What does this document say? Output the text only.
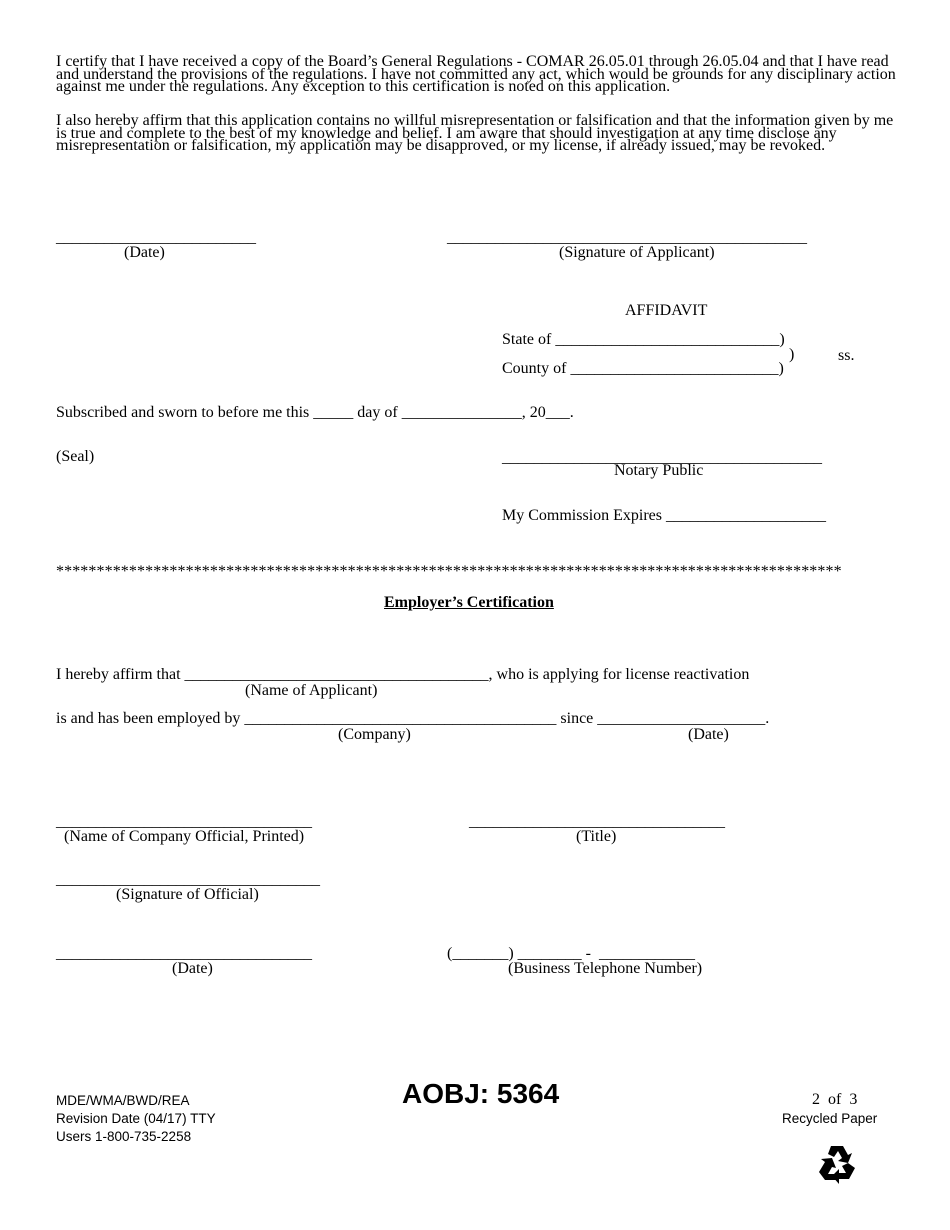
I certify that I have received a copy of the Board’s General Regulations - COMAR 26.05.01 through 26.05.04 and that I have read and understand the provisions of the regulations. I have not committed any act, which would be grounds for any disciplinary action against me under the regulations. Any exception to this certification is noted on this application.
I also hereby affirm that this application contains no willful misrepresentation or falsification and that the information given by me is true and complete to the best of my knowledge and belief. I am aware that should investigation at any time disclose any misrepresentation or falsification, my application may be disapproved, or my license, if already issued, may be revoked.
_________________________
(Date)
_____________________________________________
(Signature of Applicant)
AFFIDAVIT
State of ____________________________)
)	ss.
County of __________________________)
Subscribed and sworn to before me this _____ day of _______________, 20___.
(Seal)	________________________________________
Notary Public
My Commission Expires ____________________
*************************************************************************************************
Employer’s Certification
I hereby affirm that ______________________________________, who is applying for license reactivation
(Name of Applicant)
is and has been employed by _______________________________________ since _____________________.
(Company)	(Date)
________________________________
(Name of Company Official, Printed)
________________________________
(Title)
_________________________________
(Signature of Official)
________________________________
(Date)
(_______) ________ -  ____________
(Business Telephone Number)
MDE/WMA/BWD/REA
Revision Date (04/17) TTY
Users 1-800-735-2258
AOBJ: 5364	2  of  3
Recycled Paper
